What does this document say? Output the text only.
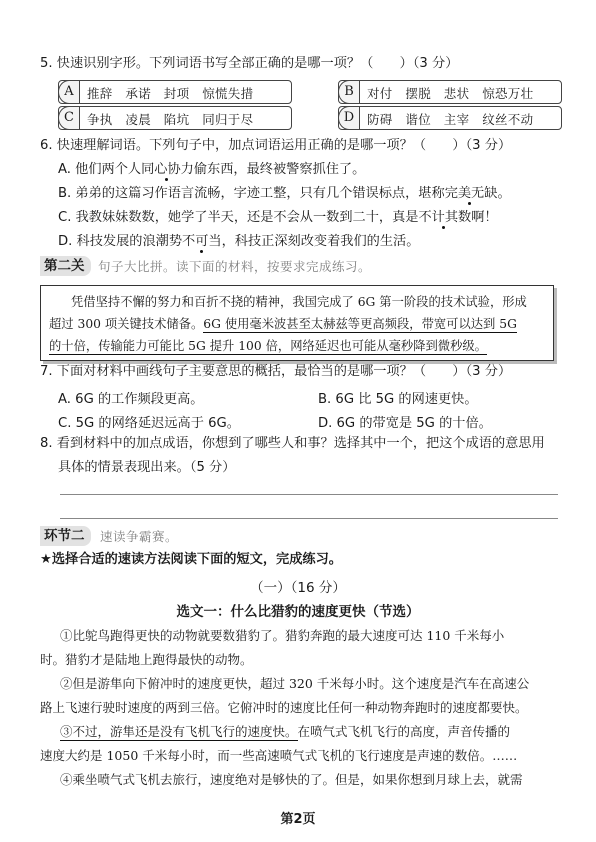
5. 快速识别字形。下列词语书写全部正确的是哪一项？（　　）（3 分）
A	推辞　承诺　封项　惊慌失措	B	对付　摆脱　悲状　惊恐万壮
C	争执　凌晨　陷坑　同归于尽	D	防碍　谐位　主宰　纹丝不动
6. 快速理解词语。下列句子中，加点词语运用正确的是哪一项？（　　）（3 分）
A. 他们两个人同心协力偷东西，最终被警察抓住了。
B. 弟弟的这篇习作语言流畅，字迹工整，只有几个错误标点，堪称完美无缺。
C. 我教妹妹数数，她学了半天，还是不会从一数到二十，真是不计其数啊！
D. 科技发展的浪潮势不可当，科技正深刻改变着我们的生活。
第二关	句子大比拼。读下面的材料，按要求完成练习。
凭借坚持不懈的努力和百折不挠的精神，我国完成了 6G 第一阶段的技术试验，形成
超过 300 项关键技术储备。6G 使用毫米波甚至太赫兹等更高频段，带宽可以达到 5G
的十倍，传输能力可能比 5G 提升 100 倍，网络延迟也可能从毫秒降到微秒级。
7. 下面对材料中画线句子主要意思的概括，最恰当的是哪一项？（　　）（3 分）
A. 6G 的工作频段更高。	B. 6G 比 5G 的网速更快。
C. 5G 的网络延迟远高于 6G。	D. 6G 的带宽是 5G 的十倍。
8. 看到材料中的加点成语，你想到了哪些人和事？选择其中一个，把这个成语的意思用
具体的情景表现出来。（5 分）
环节二	速读争霸赛。
★选择合适的速读方法阅读下面的短文，完成练习。
（一）（16 分）
选文一：什么比猎豹的速度更快（节选）
①比鸵鸟跑得更快的动物就要数猎豹了。猎豹奔跑的最大速度可达 110 千米每小
时。猎豹才是陆地上跑得最快的动物。
②但是游隼向下俯冲时的速度更快，超过 320 千米每小时。这个速度是汽车在高速公
路上飞速行驶时速度的两到三倍。它俯冲时的速度比任何一种动物奔跑时的速度都要快。
③不过，游隼还是没有飞机飞行的速度快。在喷气式飞机飞行的高度，声音传播的
速度大约是 1050 千米每小时，而一些高速喷气式飞机的飞行速度是声速的数倍。……
④乘坐喷气式飞机去旅行，速度绝对是够快的了。但是，如果你想到月球上去，就需
第2页
